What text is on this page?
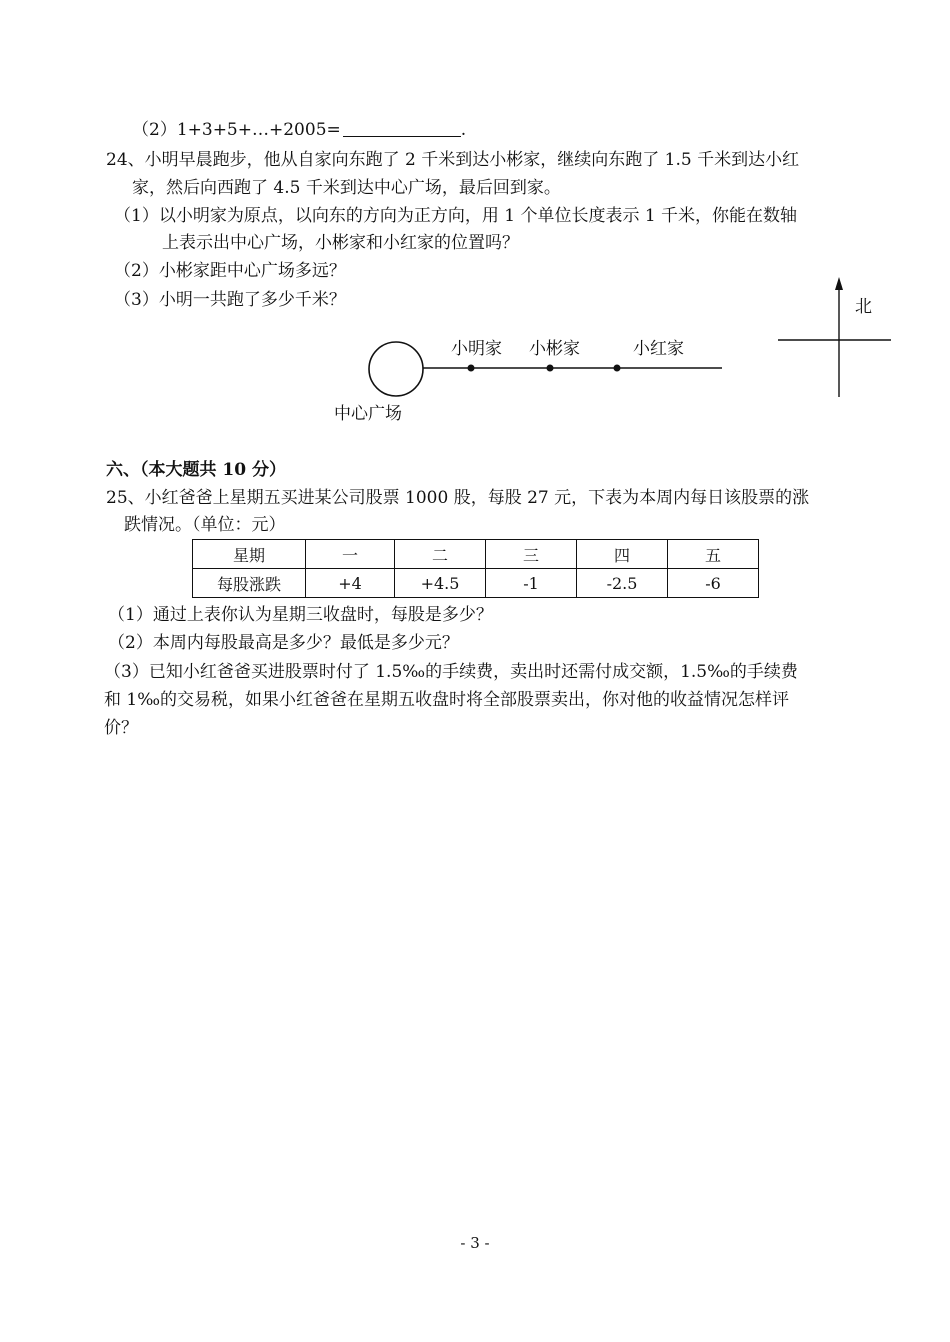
（2）1+3+5+…+2005=	.
24、小明早晨跑步，他从自家向东跑了 2 千米到达小彬家，继续向东跑了 1.5 千米到达小红
家，然后向西跑了 4.5 千米到达中心广场，最后回到家。
（1）以小明家为原点，以向东的方向为正方向，用 1 个单位长度表示 1 千米，你能在数轴
上表示出中心广场，小彬家和小红家的位置吗？
（2）小彬家距中心广场多远？
（3）小明一共跑了多少千米？
小明家 小彬家	小红家
中心广场
北
六、（本大题共 10 分）
25、小红爸爸上星期五买进某公司股票 1000 股，每股 27 元，下表为本周内每日该股票的涨
跌情况。（单位：元）
星期	一	二	三	四	五
每股涨跌	+4	+4.5	-1	-2.5	-6
（1）通过上表你认为星期三收盘时，每股是多少？
（2）本周内每股最高是多少？最低是多少元？
（3）已知小红爸爸买进股票时付了 1.5‰的手续费，卖出时还需付成交额，1.5‰的手续费
和 1‰的交易税，如果小红爸爸在星期五收盘时将全部股票卖出，你对他的收益情况怎样评
价？
- 3 -
